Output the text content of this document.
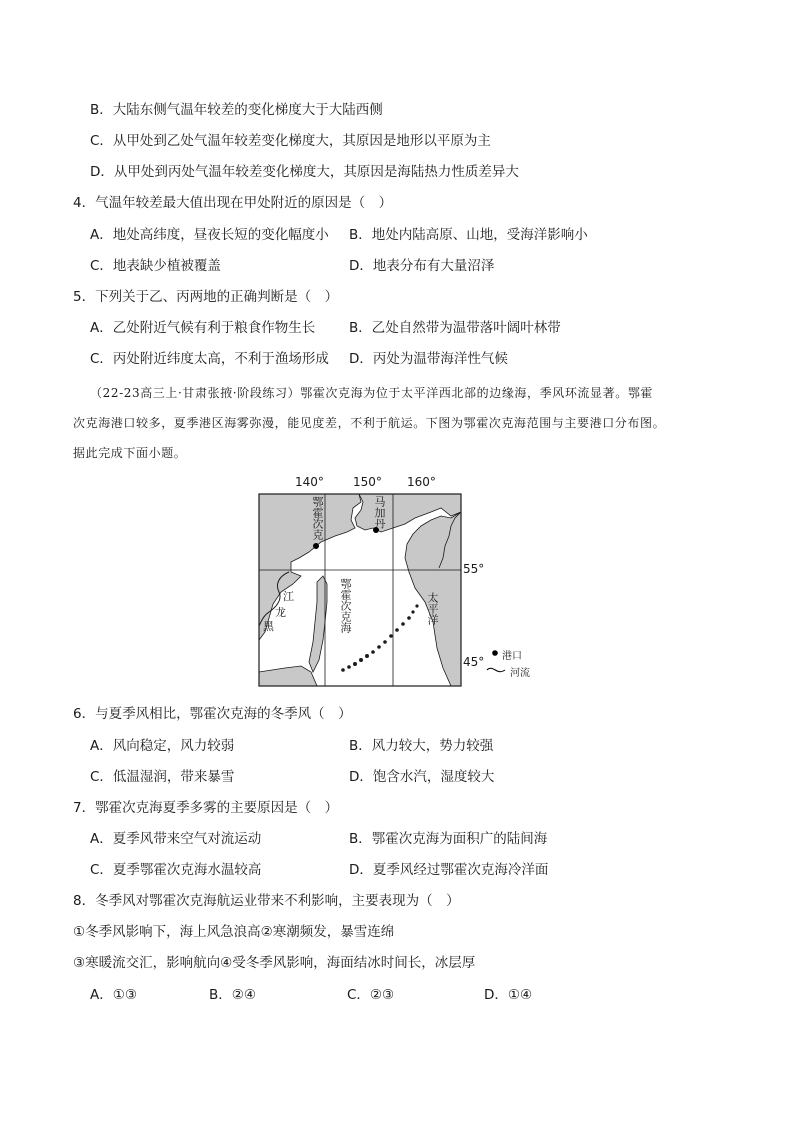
B．大陆东侧气温年较差的变化梯度大于大陆西侧
C．从甲处到乙处气温年较差变化梯度大，其原因是地形以平原为主
D．从甲处到丙处气温年较差变化梯度大，其原因是海陆热力性质差异大
4．气温年较差最大值出现在甲处附近的原因是（　）
A．地处高纬度，昼夜长短的变化幅度小 B．地处内陆高原、山地，受海洋影响小
C．地表缺少植被覆盖	D．地表分布有大量沼泽
5．下列关于乙、丙两地的正确判断是（　）
A．乙处附近气候有利于粮食作物生长	B．乙处自然带为温带落叶阔叶林带
C．丙处附近纬度太高，不利于渔场形成 D．丙处为温带海洋性气候
（22-23高三上·甘肃张掖·阶段练习）鄂霍次克海为位于太平洋西北部的边缘海，季风环流显著。鄂霍
次克海港口较多，夏季港区海雾弥漫，能见度差，不利于航运。下图为鄂霍次克海范围与主要港口分布图。
据此完成下面小题。
140° 150° 160°
55°
45°
鄂霍次克	马加丹
鄂霍次克海	太平洋
江
龙
黑
港口
河流
6．与夏季风相比，鄂霍次克海的冬季风（　）
A．风向稳定，风力较弱	B．风力较大，势力较强
C．低温湿润，带来暴雪	D．饱含水汽，湿度较大
7．鄂霍次克海夏季多雾的主要原因是（　）
A．夏季风带来空气对流运动	B．鄂霍次克海为面积广的陆间海
C．夏季鄂霍次克海水温较高	D．夏季风经过鄂霍次克海冷洋面
8．冬季风对鄂霍次克海航运业带来不利影响，主要表现为（　）
①冬季风影响下，海上风急浪高②寒潮频发，暴雪连绵
③寒暖流交汇，影响航向④受冬季风影响，海面结冰时间长，冰层厚
A．①③	B．②④	C．②③	D．①④
